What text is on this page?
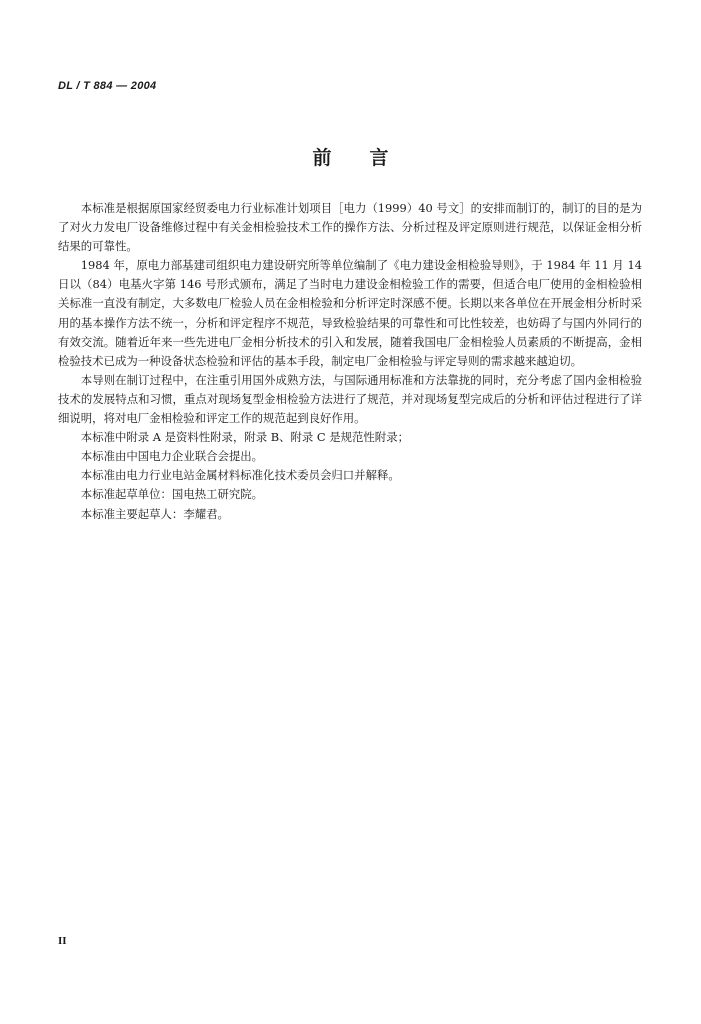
DL / T 884 — 2004
前 言

本标准是根据原国家经贸委电力行业标准计划项目［电力（1999）40 号文］的安排而制订的，制订的目的是为了对火力发电厂设备维修过程中有关金相检验技术工作的操作方法、分析过程及评定原则进行规范，以保证金相分析结果的可靠性。

1984 年，原电力部基建司组织电力建设研究所等单位编制了《电力建设金相检验导则》，于 1984 年 11 月 14 日以（84）电基火字第 146 号形式颁布，满足了当时电力建设金相检验工作的需要，但适合电厂使用的金相检验相关标准一直没有制定，大多数电厂检验人员在金相检验和分析评定时深感不便。长期以来各单位在开展金相分析时采用的基本操作方法不统一，分析和评定程序不规范，导致检验结果的可靠性和可比性较差，也妨碍了与国内外同行的有效交流。随着近年来一些先进电厂金相分析技术的引入和发展，随着我国电厂金相检验人员素质的不断提高，金相检验技术已成为一种设备状态检验和评估的基本手段，制定电厂金相检验与评定导则的需求越来越迫切。

本导则在制订过程中，在注重引用国外成熟方法，与国际通用标准和方法靠拢的同时，充分考虑了国内金相检验技术的发展特点和习惯，重点对现场复型金相检验方法进行了规范，并对现场复型完成后的分析和评估过程进行了详细说明，将对电厂金相检验和评定工作的规范起到良好作用。

本标准中附录 A 是资料性附录，附录 B、附录 C 是规范性附录；

本标准由中国电力企业联合会提出。

本标准由电力行业电站金属材料标准化技术委员会归口并解释。

本标准起草单位：国电热工研究院。

本标准主要起草人：李耀君。

II
